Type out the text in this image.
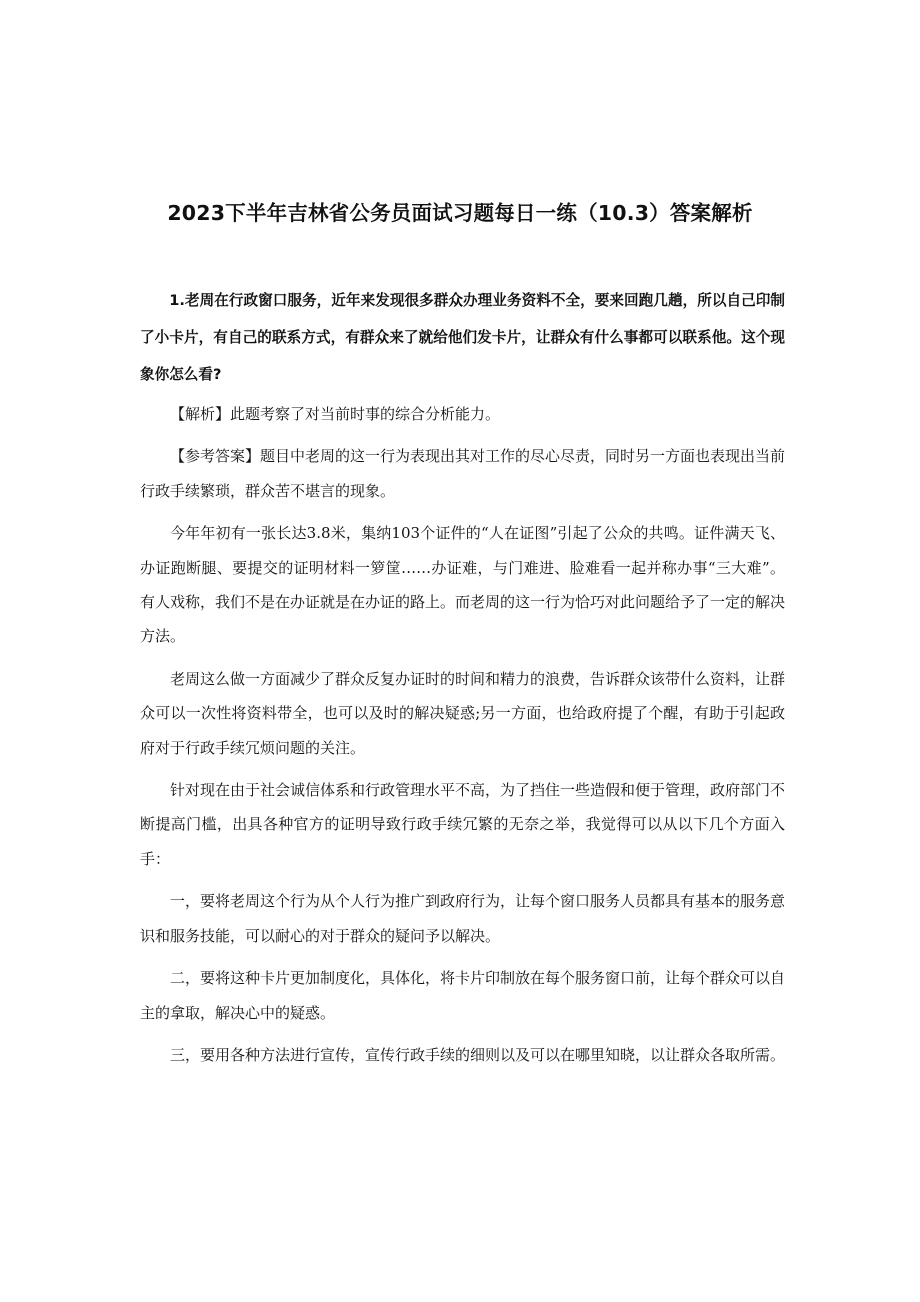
2023下半年吉林省公务员面试习题每日一练（10.3）答案解析

1.老周在行政窗口服务，近年来发现很多群众办理业务资料不全，要来回跑几趟，所以自己印制了小卡片，有自己的联系方式，有群众来了就给他们发卡片，让群众有什么事都可以联系他。这个现象你怎么看?

【解析】此题考察了对当前时事的综合分析能力。

【参考答案】题目中老周的这一行为表现出其对工作的尽心尽责，同时另一方面也表现出当前行政手续繁琐，群众苦不堪言的现象。

今年年初有一张长达3.8米，集纳103个证件的“人在证图”引起了公众的共鸣。证件满天飞、办证跑断腿、要提交的证明材料一箩筐……办证难，与门难进、脸难看一起并称办事“三大难”。有人戏称，我们不是在办证就是在办证的路上。而老周的这一行为恰巧对此问题给予了一定的解决方法。

老周这么做一方面减少了群众反复办证时的时间和精力的浪费，告诉群众该带什么资料，让群众可以一次性将资料带全，也可以及时的解决疑惑;另一方面，也给政府提了个醒，有助于引起政府对于行政手续冗烦问题的关注。

针对现在由于社会诚信体系和行政管理水平不高，为了挡住一些造假和便于管理，政府部门不断提高门槛，出具各种官方的证明导致行政手续冗繁的无奈之举，我觉得可以从以下几个方面入手：

一，要将老周这个行为从个人行为推广到政府行为，让每个窗口服务人员都具有基本的服务意识和服务技能，可以耐心的对于群众的疑问予以解决。

二，要将这种卡片更加制度化，具体化，将卡片印制放在每个服务窗口前，让每个群众可以自主的拿取，解决心中的疑惑。

三，要用各种方法进行宣传，宣传行政手续的细则以及可以在哪里知晓，以让群众各取所需。
